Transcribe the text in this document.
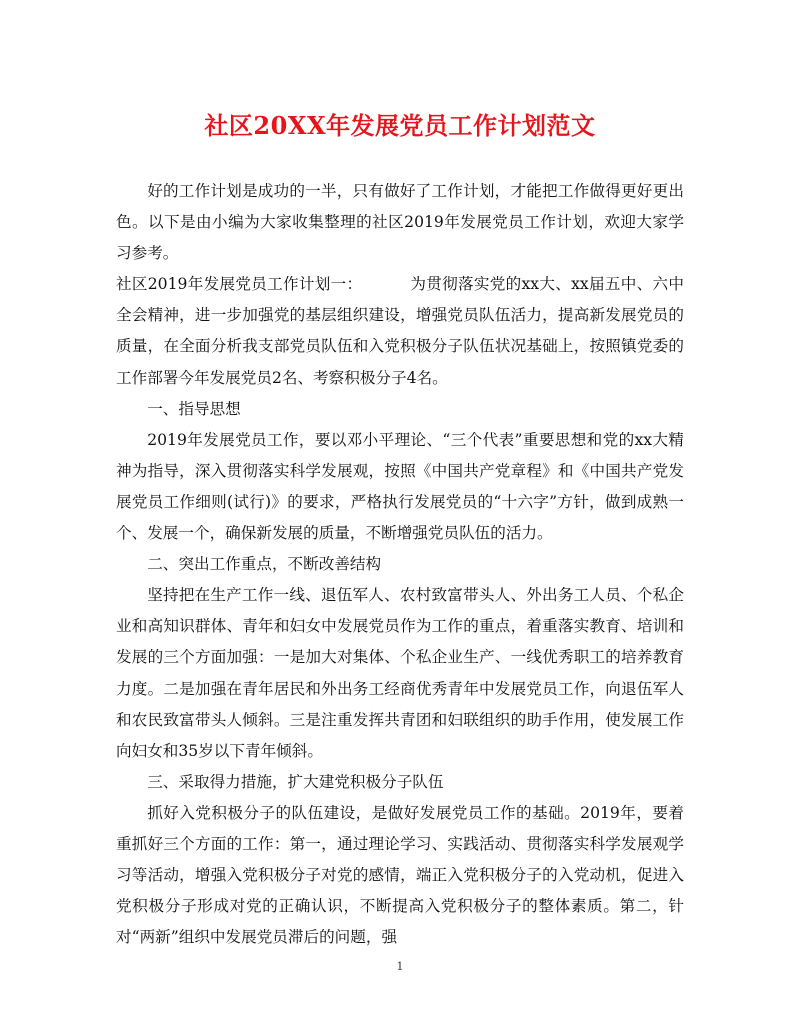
社区20XX年发展党员工作计划范文

好的工作计划是成功的一半，只有做好了工作计划，才能把工作做得更好更出色。以下是由小编为大家收集整理的社区2019年发展党员工作计划，欢迎大家学习参考。

社区2019年发展党员工作计划一：	为贯彻落实党的xx大、xx届五中、六中全会精神，进一步加强党的基层组织建设，增强党员队伍活力，提高新发展党员的质量，在全面分析我支部党员队伍和入党积极分子队伍状况基础上，按照镇党委的工作部署今年发展党员2名、考察积极分子4名。

一、指导思想

2019年发展党员工作，要以邓小平理论、“三个代表”重要思想和党的xx大精神为指导，深入贯彻落实科学发展观，按照《中国共产党章程》和《中国共产党发展党员工作细则(试行)》的要求，严格执行发展党员的“十六字”方针，做到成熟一个、发展一个，确保新发展的质量，不断增强党员队伍的活力。

二、突出工作重点，不断改善结构

坚持把在生产工作一线、退伍军人、农村致富带头人、外出务工人员、个私企业和高知识群体、青年和妇女中发展党员作为工作的重点，着重落实教育、培训和发展的三个方面加强：一是加大对集体、个私企业生产、一线优秀职工的培养教育力度。二是加强在青年居民和外出务工经商优秀青年中发展党员工作，向退伍军人和农民致富带头人倾斜。三是注重发挥共青团和妇联组织的助手作用，使发展工作向妇女和35岁以下青年倾斜。

三、采取得力措施，扩大建党积极分子队伍

抓好入党积极分子的队伍建设，是做好发展党员工作的基础。2019年，要着重抓好三个方面的工作：第一，通过理论学习、实践活动、贯彻落实科学发展观学习等活动，增强入党积极分子对党的感情，端正入党积极分子的入党动机，促进入党积极分子形成对党的正确认识，不断提高入党积极分子的整体素质。第二，针对“两新”组织中发展党员滞后的问题，强

1
